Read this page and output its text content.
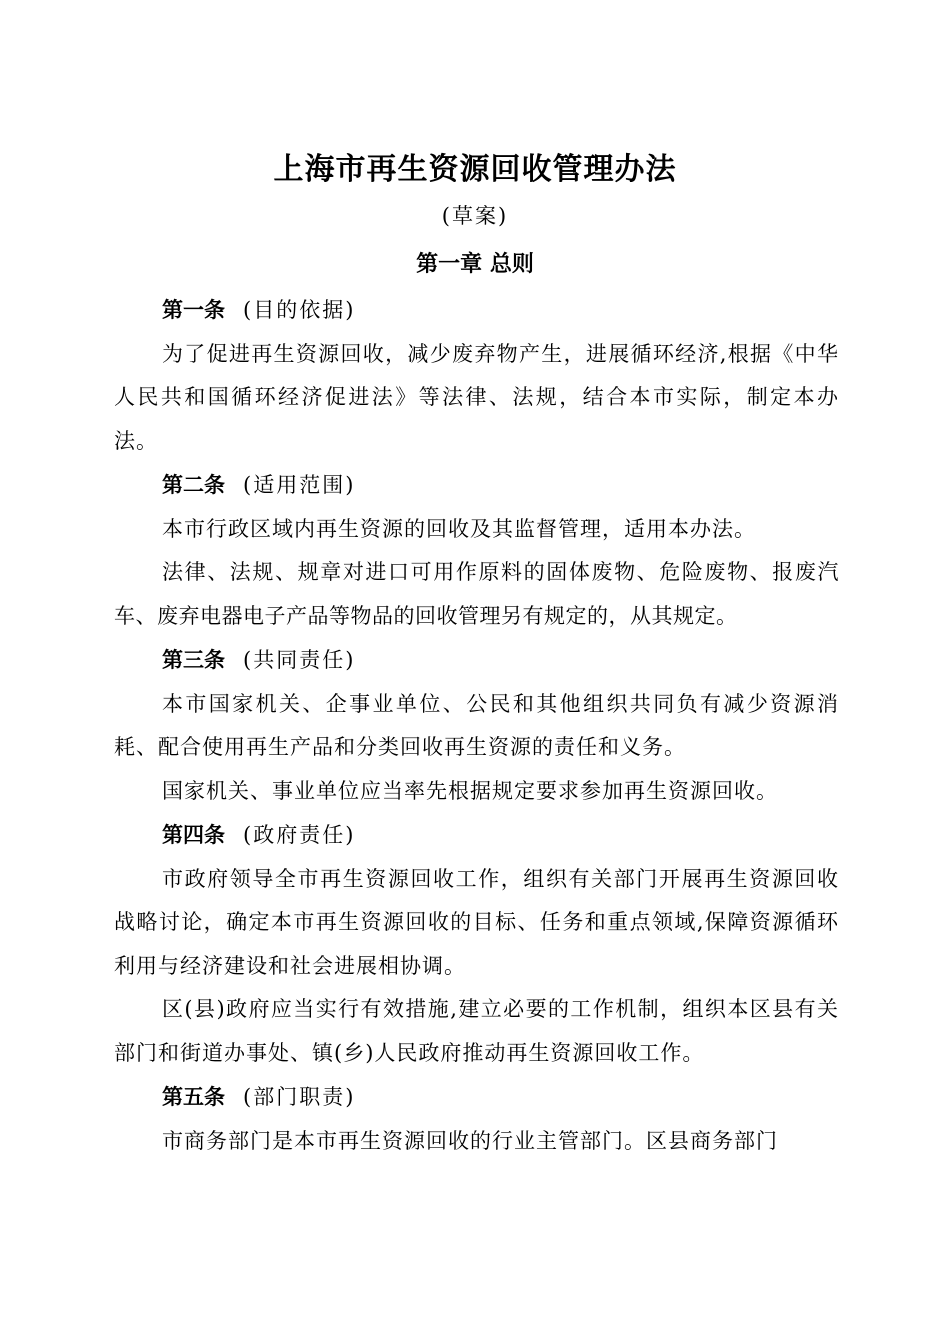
上海市再生资源回收管理办法
(草案)
第一章 总则

第一条 (目的依据)

为了促进再生资源回收，减少废弃物产生，进展循环经济,根据《中华人民共和国循环经济促进法》等法律、法规，结合本市实际，制定本办法。

第二条 (适用范围)

本市行政区域内再生资源的回收及其监督管理，适用本办法。

法律、法规、规章对进口可用作原料的固体废物、危险废物、报废汽车、废弃电器电子产品等物品的回收管理另有规定的，从其规定。

第三条 (共同责任)

本市国家机关、企事业单位、公民和其他组织共同负有减少资源消耗、配合使用再生产品和分类回收再生资源的责任和义务。

国家机关、事业单位应当率先根据规定要求参加再生资源回收。

第四条 (政府责任)

市政府领导全市再生资源回收工作，组织有关部门开展再生资源回收战略讨论，确定本市再生资源回收的目标、任务和重点领域,保障资源循环利用与经济建设和社会进展相协调。

区(县)政府应当实行有效措施,建立必要的工作机制，组织本区县有关部门和街道办事处、镇(乡)人民政府推动再生资源回收工作。

第五条 (部门职责)

市商务部门是本市再生资源回收的行业主管部门。区县商务部门
